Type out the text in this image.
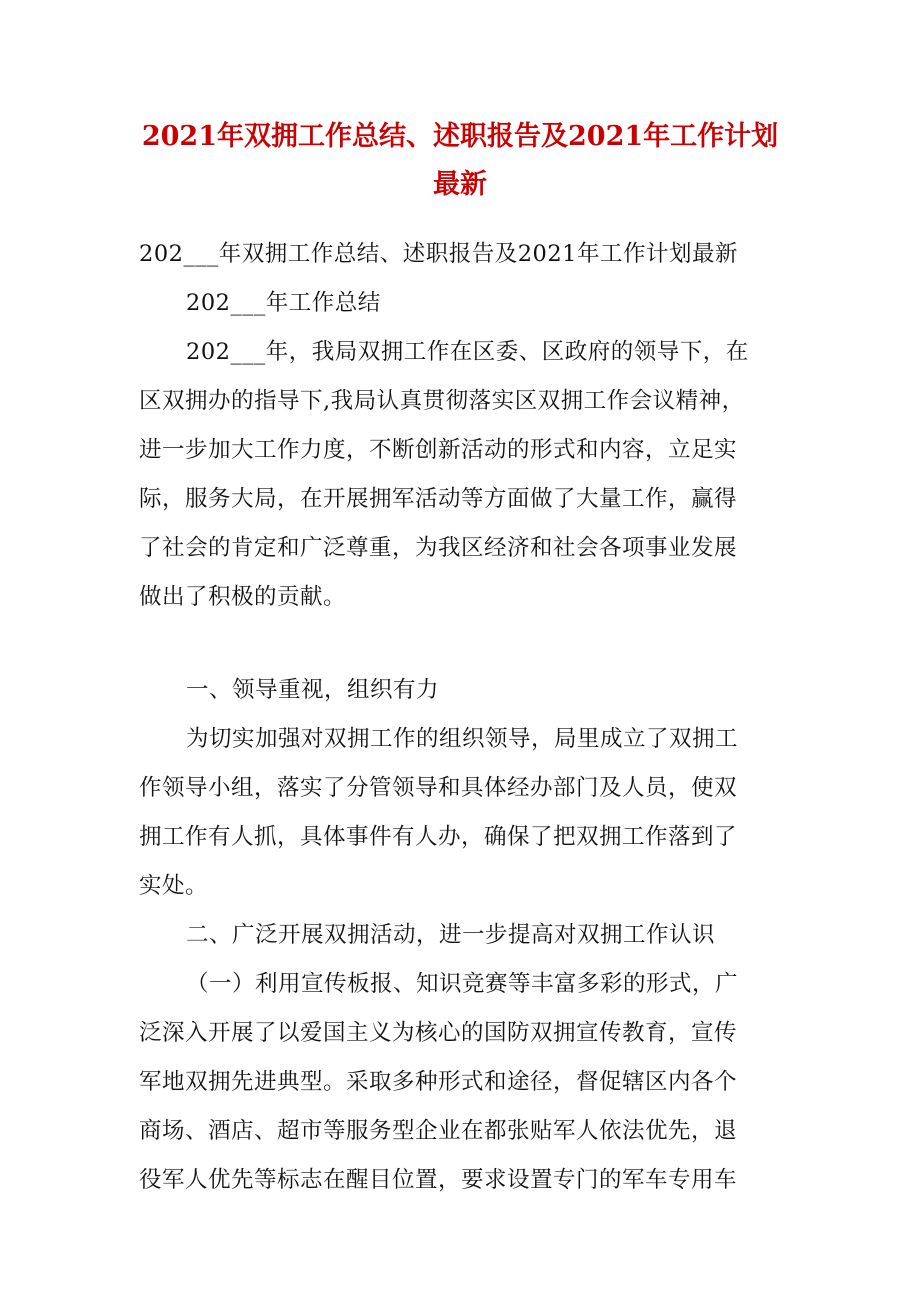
2021年双拥工作总结、述职报告及2021年工作计划
最新
202___年双拥工作总结、述职报告及2021年工作计划最新
202___年工作总结
202___年，我局双拥工作在区委、区政府的领导下，在
区双拥办的指导下,我局认真贯彻落实区双拥工作会议精神，
进一步加大工作力度，不断创新活动的形式和内容，立足实
际，服务大局，在开展拥军活动等方面做了大量工作，赢得
了社会的肯定和广泛尊重，为我区经济和社会各项事业发展
做出了积极的贡献。
一、领导重视，组织有力
为切实加强对双拥工作的组织领导，局里成立了双拥工
作领导小组，落实了分管领导和具体经办部门及人员，使双
拥工作有人抓，具体事件有人办，确保了把双拥工作落到了
实处。
二、广泛开展双拥活动，进一步提高对双拥工作认识
（一）利用宣传板报、知识竞赛等丰富多彩的形式，广
泛深入开展了以爱国主义为核心的国防双拥宣传教育，宣传
军地双拥先进典型。采取多种形式和途径，督促辖区内各个
商场、酒店、超市等服务型企业在都张贴军人依法优先，退
役军人优先等标志在醒目位置，要求设置专门的军车专用车
